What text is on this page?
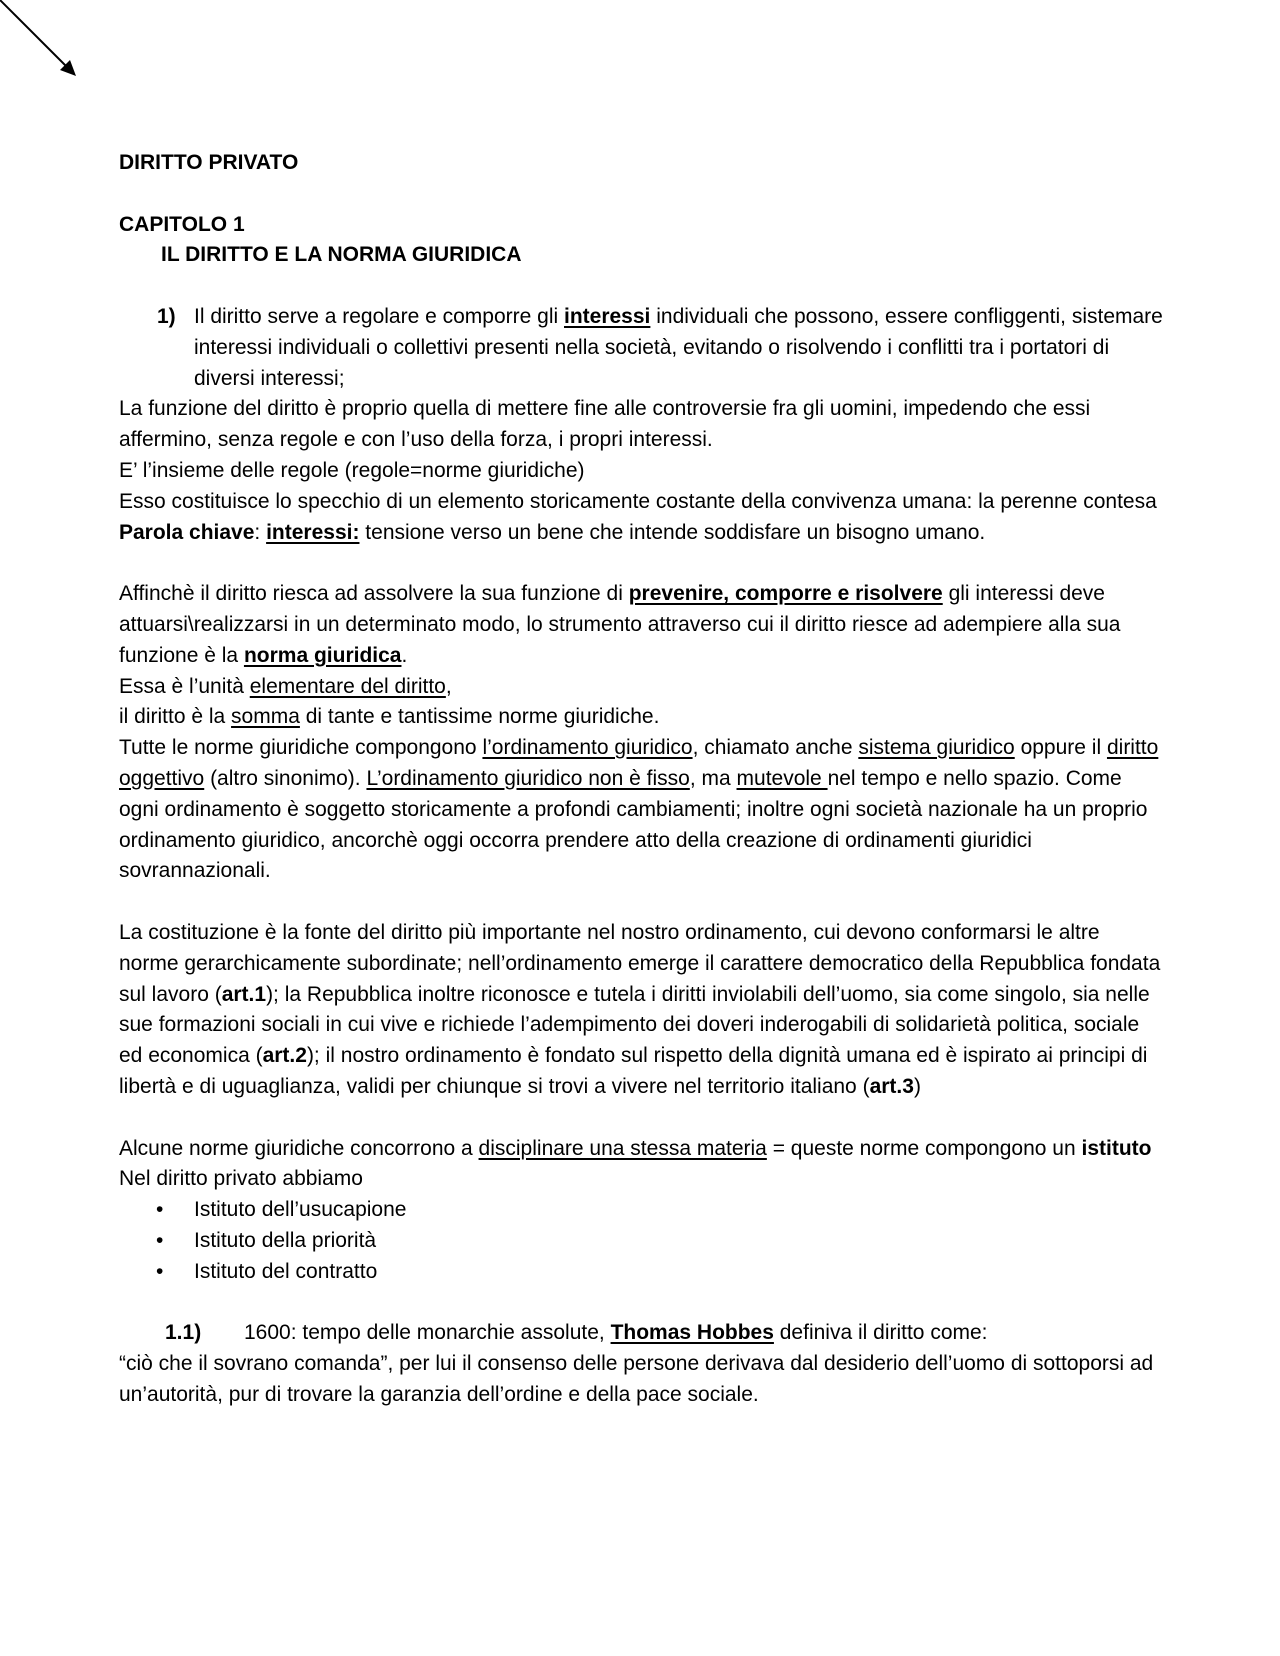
DIRITTO PRIVATO

CAPITOLO 1

IL DIRITTO E LA NORMA GIURIDICA

1) Il diritto serve a regolare e comporre gli interessi individuali che possono, essere confliggenti, sistemare interessi individuali o collettivi presenti nella società, evitando o risolvendo i conflitti tra i portatori di diversi interessi;

La funzione del diritto è proprio quella di mettere fine alle controversie fra gli uomini, impedendo che essi affermino, senza regole e con l’uso della forza, i propri interessi.

E’ l’insieme delle regole (regole=norme giuridiche)

Esso costituisce lo specchio di un elemento storicamente costante della convivenza umana: la perenne contesa

Parola chiave: interessi: tensione verso un bene che intende soddisfare un bisogno umano.

Affinchè il diritto riesca ad assolvere la sua funzione di prevenire, comporre e risolvere gli interessi deve attuarsi\realizzarsi in un determinato modo, lo strumento attraverso cui il diritto riesce ad adempiere alla sua funzione è la norma giuridica.

Essa è l’unità elementare del diritto,

il diritto è la somma di tante e tantissime norme giuridiche.

Tutte le norme giuridiche compongono l’ordinamento giuridico, chiamato anche sistema giuridico oppure il diritto oggettivo (altro sinonimo). L’ordinamento giuridico non è fisso, ma mutevole nel tempo e nello spazio. Come ogni ordinamento è soggetto storicamente a profondi cambiamenti; inoltre ogni società nazionale ha un proprio ordinamento giuridico, ancorchè oggi occorra prendere atto della creazione di ordinamenti giuridici sovrannazionali.

La costituzione è la fonte del diritto più importante nel nostro ordinamento, cui devono conformarsi le altre norme gerarchicamente subordinate; nell’ordinamento emerge il carattere democratico della Repubblica fondata sul lavoro (art.1); la Repubblica inoltre riconosce e tutela i diritti inviolabili dell’uomo, sia come singolo, sia nelle sue formazioni sociali in cui vive e richiede l’adempimento dei doveri inderogabili di solidarietà politica, sociale ed economica (art.2); il nostro ordinamento è fondato sul rispetto della dignità umana ed è ispirato ai principi di libertà e di uguaglianza, validi per chiunque si trovi a vivere nel territorio italiano (art.3)

Alcune norme giuridiche concorrono a disciplinare una stessa materia = queste norme compongono un istituto

Nel diritto privato abbiamo

• Istituto dell’usucapione

• Istituto della priorità

• Istituto del contratto

1.1) 1600: tempo delle monarchie assolute, Thomas Hobbes definiva il diritto come:

“ciò che il sovrano comanda”, per lui il consenso delle persone derivava dal desiderio dell’uomo di sottoporsi ad un’autorità, pur di trovare la garanzia dell’ordine e della pace sociale.
